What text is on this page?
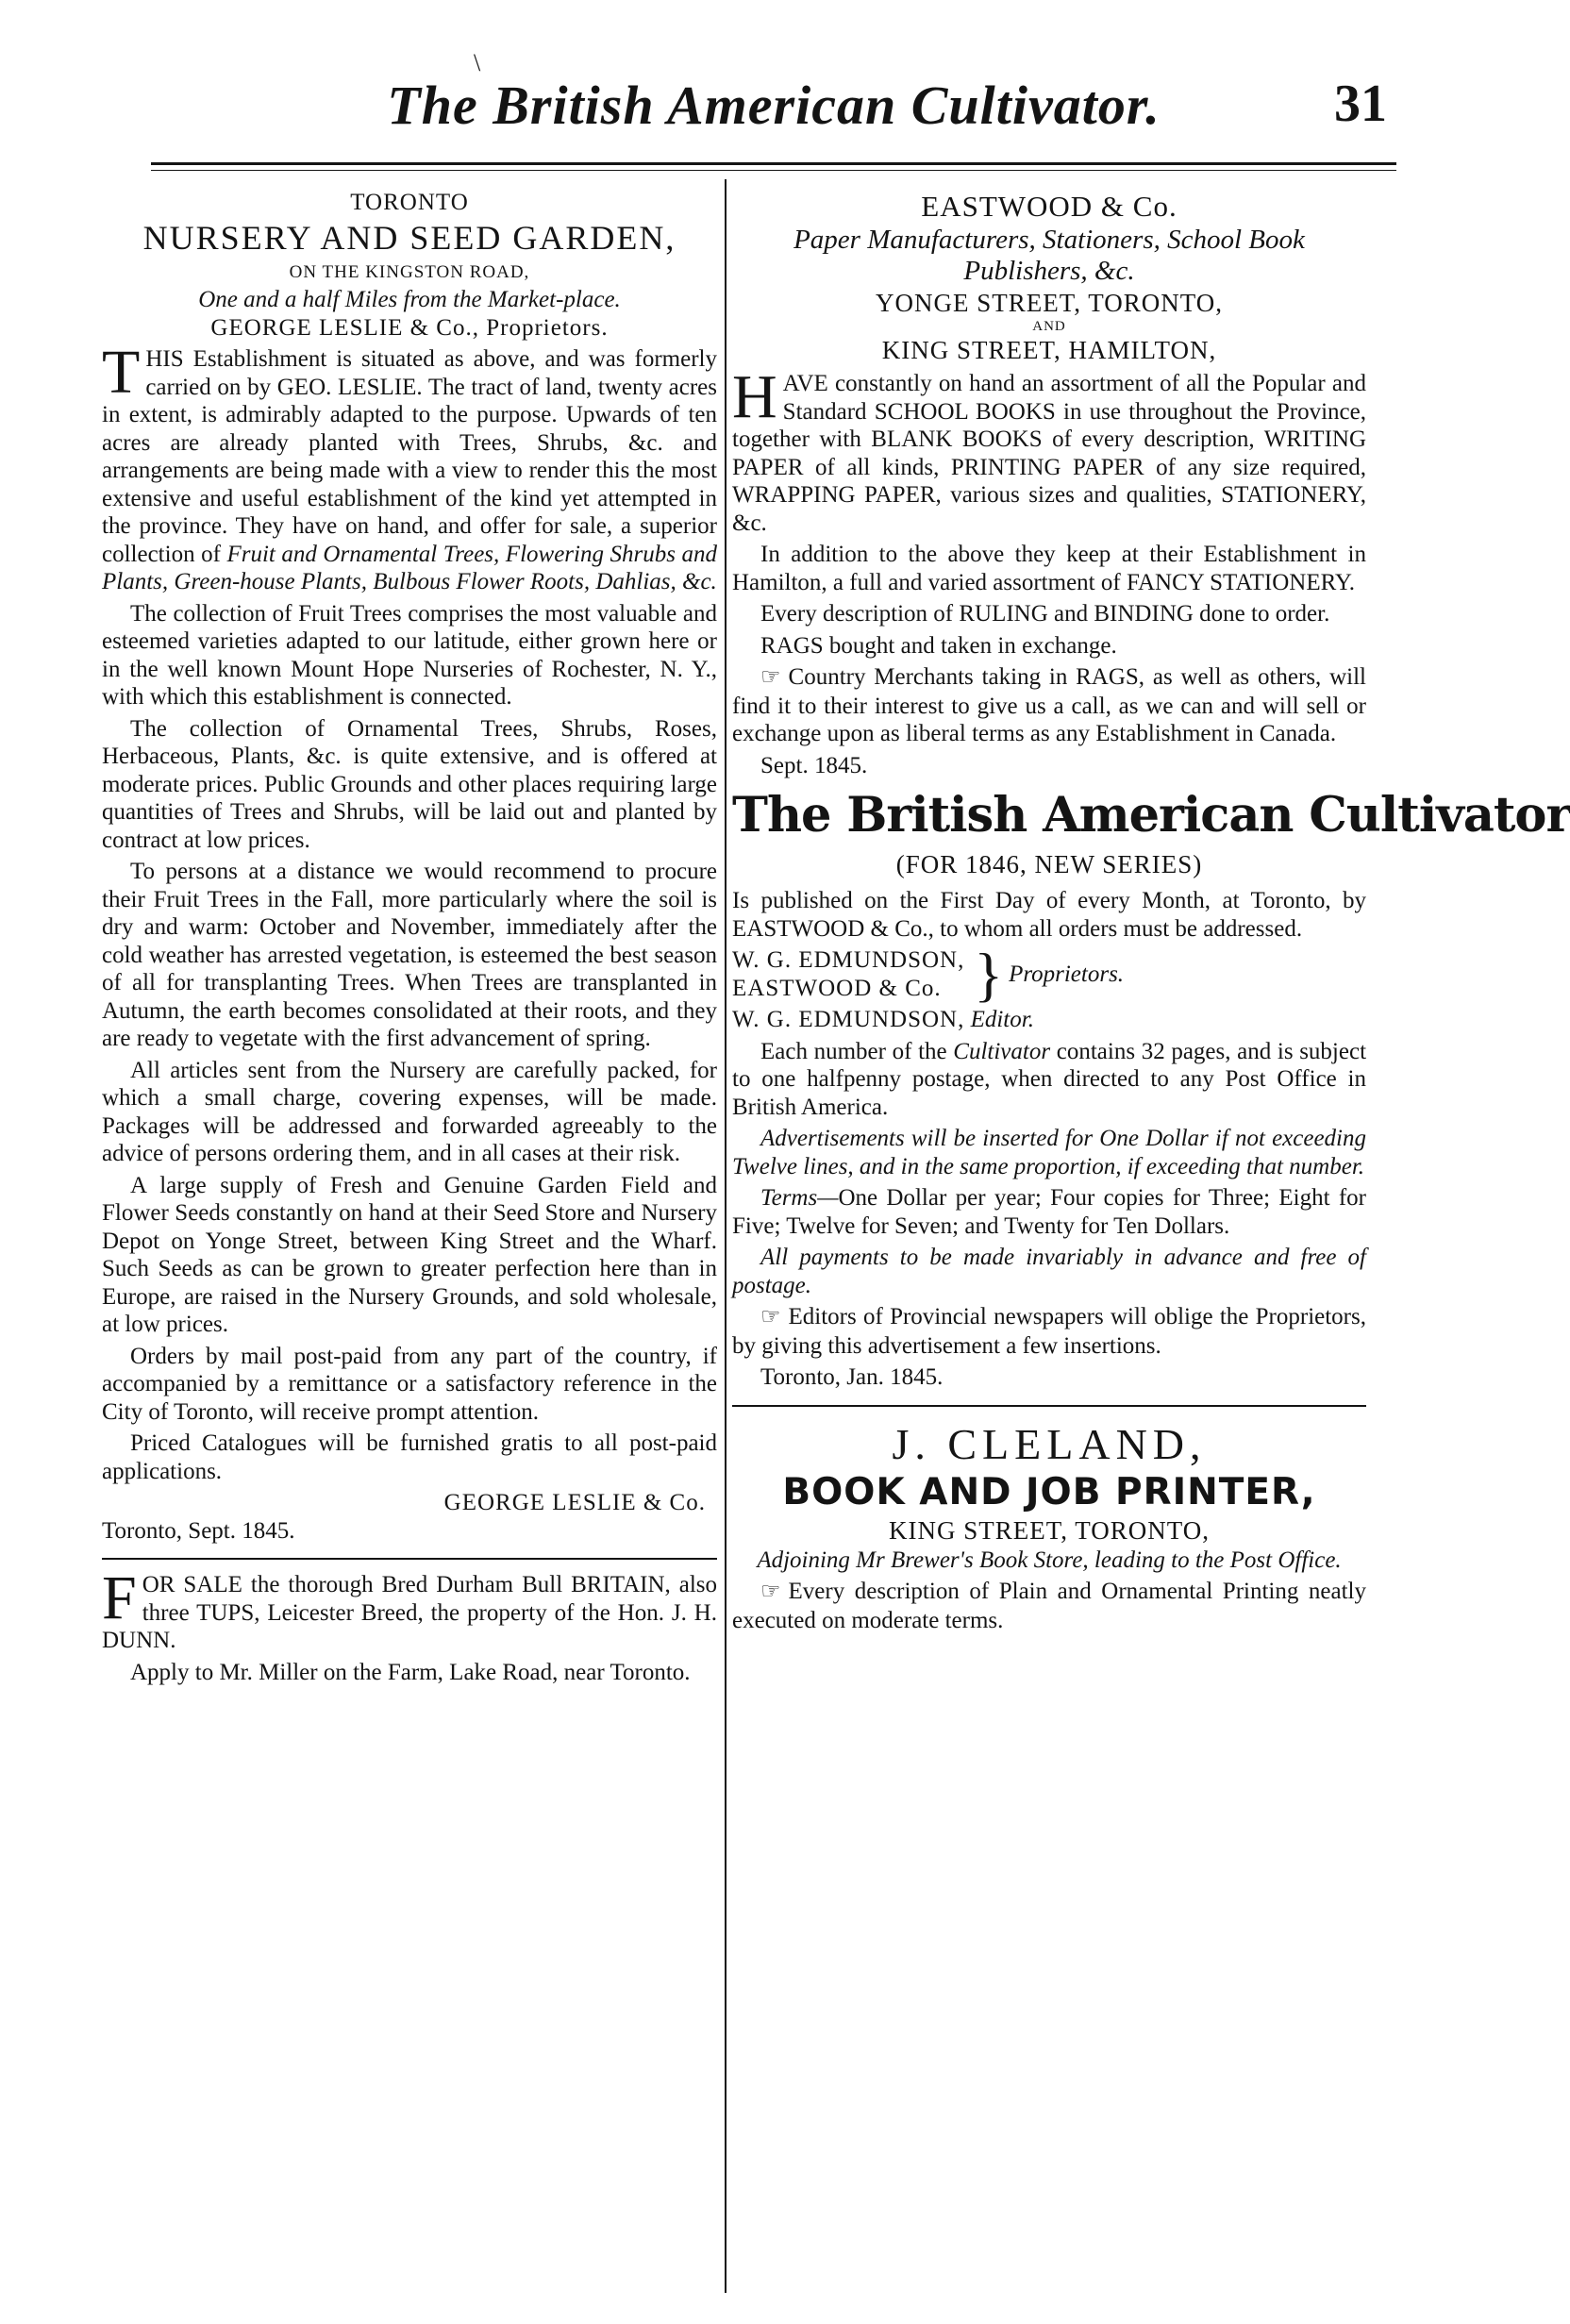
\
The British American Cultivator.	31
TORONTO
NURSERY AND SEED GARDEN,
ON THE KINGSTON ROAD,
One and a half Miles from the Market-place.
GEORGE LESLIE & Co., Proprietors.

THIS Establishment is situated as above, and was formerly carried on by GEO. LESLIE. The tract of land, twenty acres in extent, is admirably adapted to the purpose. Upwards of ten acres are already planted with Trees, Shrubs, &c. and arrangements are being made with a view to render this the most extensive and useful establishment of the kind yet attempted in the province. They have on hand, and offer for sale, a superior collection of Fruit and Ornamental Trees, Flowering Shrubs and Plants, Green-house Plants, Bulbous Flower Roots, Dahlias, &c.

The collection of Fruit Trees comprises the most valuable and esteemed varieties adapted to our latitude, either grown here or in the well known Mount Hope Nurseries of Rochester, N. Y., with which this establishment is connected.

The collection of Ornamental Trees, Shrubs, Roses, Herbaceous, Plants, &c. is quite extensive, and is offered at moderate prices. Public Grounds and other places requiring large quantities of Trees and Shrubs, will be laid out and planted by contract at low prices.

To persons at a distance we would recommend to procure their Fruit Trees in the Fall, more particularly where the soil is dry and warm: October and November, immediately after the cold weather has arrested vegetation, is esteemed the best season of all for transplanting Trees. When Trees are transplanted in Autumn, the earth becomes consolidated at their roots, and they are ready to vegetate with the first advancement of spring.

All articles sent from the Nursery are carefully packed, for which a small charge, covering expenses, will be made. Packages will be addressed and forwarded agreeably to the advice of persons ordering them, and in all cases at their risk.

A large supply of Fresh and Genuine Garden Field and Flower Seeds constantly on hand at their Seed Store and Nursery Depot on Yonge Street, between King Street and the Wharf. Such Seeds as can be grown to greater perfection here than in Europe, are raised in the Nursery Grounds, and sold wholesale, at low prices.

Orders by mail post-paid from any part of the country, if accompanied by a remittance or a satisfactory reference in the City of Toronto, will receive prompt attention.

Priced Catalogues will be furnished gratis to all post-paid applications.

GEORGE LESLIE & Co.
Toronto, Sept. 1845.

FOR SALE the thorough Bred Durham Bull BRITAIN, also three TUPS, Leicester Breed, the property of the Hon. J. H. DUNN.

Apply to Mr. Miller on the Farm, Lake Road, near Toronto.

EASTWOOD & Co.
Paper Manufacturers, Stationers, School Book Publishers, &c.
YONGE STREET, TORONTO,
AND
KING STREET, HAMILTON,

HAVE constantly on hand an assortment of all the Popular and Standard SCHOOL BOOKS in use throughout the Province, together with BLANK BOOKS of every description, WRITING PAPER of all kinds, PRINTING PAPER of any size required, WRAPPING PAPER, various sizes and qualities, STATIONERY, &c.

In addition to the above they keep at their Establishment in Hamilton, a full and varied assortment of FANCY STATIONERY.

Every description of RULING and BINDING done to order.

RAGS bought and taken in exchange.

☞ Country Merchants taking in RAGS, as well as others, will find it to their interest to give us a call, as we can and will sell or exchange upon as liberal terms as any Establishment in Canada.

Sept. 1845.

The British American Cultivator
(FOR 1846, NEW SERIES)

Is published on the First Day of every Month, at Toronto, by EASTWOOD & Co., to whom all orders must be addressed.

W. G. EDMUNDSON,
EASTWOOD & Co. } Proprietors.

W. G. EDMUNDSON, Editor.

Each number of the Cultivator contains 32 pages, and is subject to one halfpenny postage, when directed to any Post Office in British America.

Advertisements will be inserted for One Dollar if not exceeding Twelve lines, and in the same proportion, if exceeding that number.

Terms—One Dollar per year; Four copies for Three; Eight for Five; Twelve for Seven; and Twenty for Ten Dollars.

All payments to be made invariably in advance and free of postage.

☞ Editors of Provincial newspapers will oblige the Proprietors, by giving this advertisement a few insertions.

Toronto, Jan. 1845.

J. CLELAND,
BOOK AND JOB PRINTER,
KING STREET, TORONTO,
Adjoining Mr Brewer's Book Store, leading to the Post Office.

☞ Every description of Plain and Ornamental Printing neatly executed on moderate terms.
